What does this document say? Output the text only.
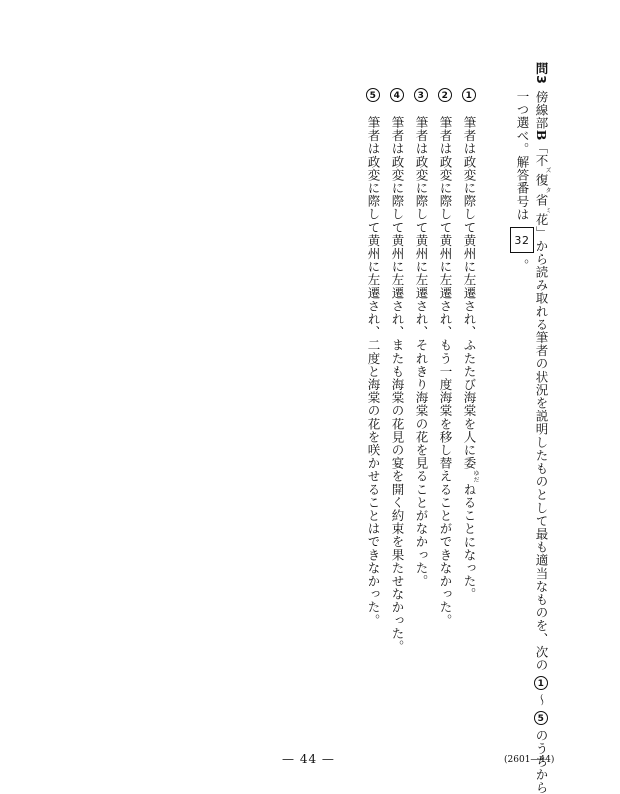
問3傍線部B「不ズ復タ省ミ花」から読み取れる筆者の状況を説明したものとして最も適当なものを、次の1～5のうちから
一つ選べ。解答番号は32。
1筆者は政変に際して黄州に左遷され、ふたたび海棠を人に委ゆだねることになった。
2筆者は政変に際して黄州に左遷され、もう一度海棠を移し替えることができなかった。
3筆者は政変に際して黄州に左遷され、それきり海棠の花を見ることがなかった。
4筆者は政変に際して黄州に左遷され、またも海棠の花見の宴を開く約束を果たせなかった。
5筆者は政変に際して黄州に左遷され、二度と海棠の花を咲かせることはできなかった。
— 44 —	(2601—44)
